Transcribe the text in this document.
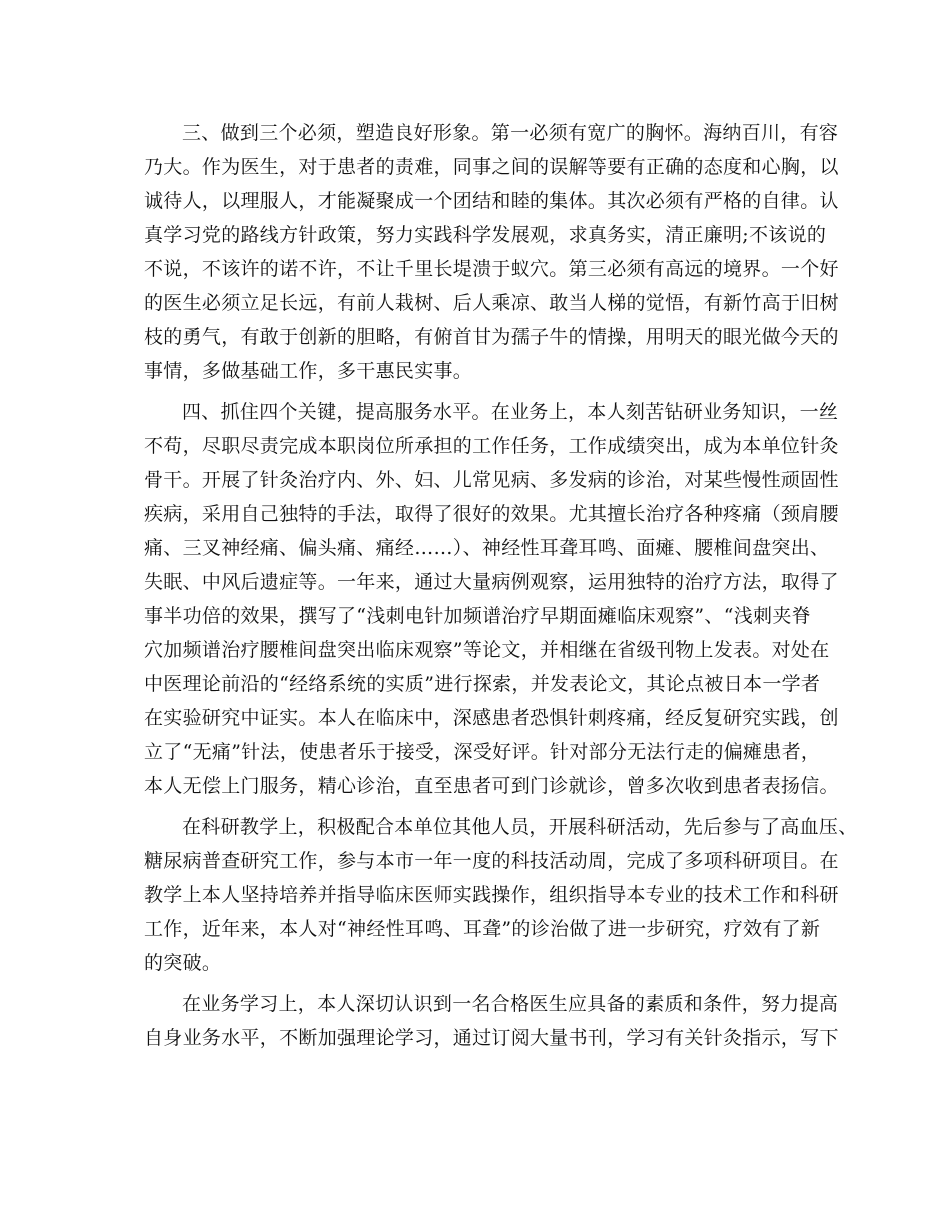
三、做到三个必须，塑造良好形象。第一必须有宽广的胸怀。海纳百川，有容
乃大。作为医生，对于患者的责难，同事之间的误解等要有正确的态度和心胸，以
诚待人，以理服人，才能凝聚成一个团结和睦的集体。其次必须有严格的自律。认
真学习党的路线方针政策，努力实践科学发展观，求真务实，清正廉明;不该说的
不说，不该许的诺不许，不让千里长堤溃于蚁穴。第三必须有高远的境界。一个好
的医生必须立足长远，有前人栽树、后人乘凉、敢当人梯的觉悟，有新竹高于旧树
枝的勇气，有敢于创新的胆略，有俯首甘为孺子牛的情操，用明天的眼光做今天的
事情，多做基础工作，多干惠民实事。
四、抓住四个关键，提高服务水平。在业务上，本人刻苦钻研业务知识，一丝
不苟，尽职尽责完成本职岗位所承担的工作任务，工作成绩突出，成为本单位针灸
骨干。开展了针灸治疗内、外、妇、儿常见病、多发病的诊治，对某些慢性顽固性
疾病，采用自己独特的手法，取得了很好的效果。尤其擅长治疗各种疼痛（颈肩腰
痛、三叉神经痛、偏头痛、痛经……）、神经性耳聋耳鸣、面瘫、腰椎间盘突出、
失眠、中风后遗症等。一年来，通过大量病例观察，运用独特的治疗方法，取得了
事半功倍的效果，撰写了“浅刺电针加频谱治疗早期面瘫临床观察”、“浅刺夹脊
穴加频谱治疗腰椎间盘突出临床观察”等论文，并相继在省级刊物上发表。对处在
中医理论前沿的“经络系统的实质”进行探索，并发表论文，其论点被日本一学者
在实验研究中证实。本人在临床中，深感患者恐惧针刺疼痛，经反复研究实践，创
立了“无痛”针法，使患者乐于接受，深受好评。针对部分无法行走的偏瘫患者，
本人无偿上门服务，精心诊治，直至患者可到门诊就诊，曾多次收到患者表扬信。
在科研教学上，积极配合本单位其他人员，开展科研活动，先后参与了高血压、
糖尿病普查研究工作，参与本市一年一度的科技活动周，完成了多项科研项目。在
教学上本人坚持培养并指导临床医师实践操作，组织指导本专业的技术工作和科研
工作，近年来，本人对“神经性耳鸣、耳聋”的诊治做了进一步研究，疗效有了新
的突破。
在业务学习上，本人深切认识到一名合格医生应具备的素质和条件，努力提高
自身业务水平，不断加强理论学习，通过订阅大量书刊，学习有关针灸指示，写下
